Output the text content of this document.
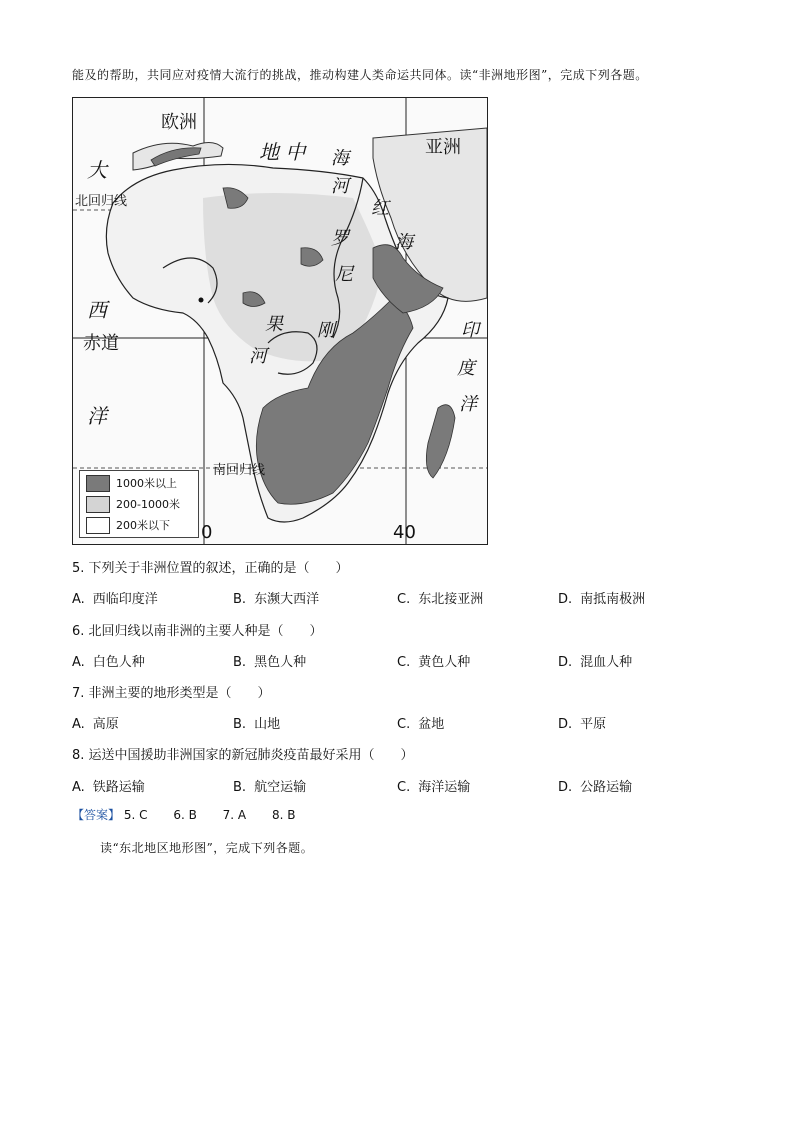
能及的帮助，共同应对疫情大流行的挑战，推动构建人类命运共同体。读“非洲地形图”，完成下列各题。
欧洲
亚洲
大
西
洋
地 中 海
河
红
罗	海
尼
刚
果
河
印
度
洋
北回归线
赤道
南回归线
0	40
1000米以上
200-1000米
200米以下
5. 下列关于非洲位置的叙述，正确的是（　　）
A. 西临印度洋	B. 东濒大西洋	C. 东北接亚洲	D. 南抵南极洲
6. 北回归线以南非洲的主要人种是（　　）
A. 白色人种	B. 黑色人种	C. 黄色人种	D. 混血人种
7. 非洲主要的地形类型是（　　）
A. 高原	B. 山地	C. 盆地	D. 平原
8. 运送中国援助非洲国家的新冠肺炎疫苗最好采用（　　）
A. 铁路运输	B. 航空运输	C. 海洋运输	D. 公路运输
【答案】 5. C 6. B 7. A 8. B
读“东北地区地形图”，完成下列各题。
